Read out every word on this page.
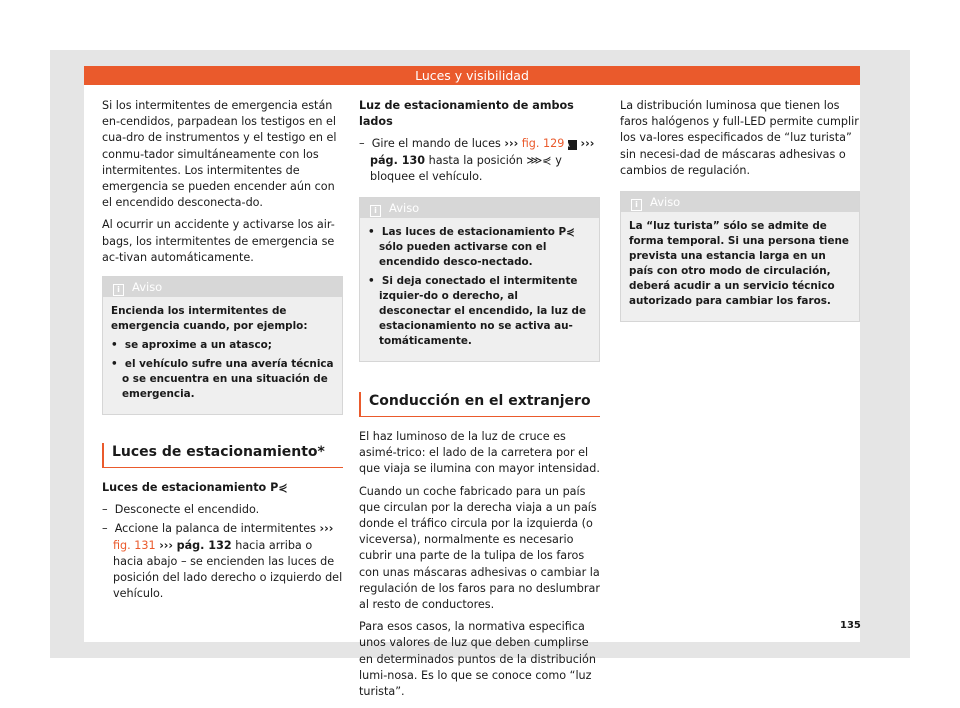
Luces y visibilidad

Si los intermitentes de emergencia están en-cendidos, parpadean los testigos en el cua-dro de instrumentos y el testigo en el conmu-tador simultáneamente con los intermitentes. Los intermitentes de emergencia se pueden encender aún con el encendido desconecta-do.

Al ocurrir un accidente y activarse los air-bags, los intermitentes de emergencia se ac-tivan automáticamente.

i Aviso

Encienda los intermitentes de emergencia cuando, por ejemplo:

• se aproxime a un atasco;

• el vehículo sufre una avería técnica o se encuentra en una situación de emergencia.

Luces de estacionamiento*

Luces de estacionamiento P⋞

– Desconecte el encendido.

– Accione la palanca de intermitentes ››› fig. 131 ››› pág. 132 hacia arriba o hacia abajo – se encienden las luces de posición del lado derecho o izquierdo del vehículo.

Luz de estacionamiento de ambos lados

– Gire el mando de luces ››› fig. 129 A ››› pág. 130 hasta la posición ⋙⋞ y bloquee el vehículo.

i Aviso

• Las luces de estacionamiento P⋞ sólo pueden activarse con el encendido desco-nectado.

• Si deja conectado el intermitente izquier-do o derecho, al desconectar el encendido, la luz de estacionamiento no se activa au-tomáticamente.

Conducción en el extranjero

El haz luminoso de la luz de cruce es asimé-trico: el lado de la carretera por el que viaja se ilumina con mayor intensidad.

Cuando un coche fabricado para un país que circulan por la derecha viaja a un país donde el tráfico circula por la izquierda (o viceversa), normalmente es necesario cubrir una parte de la tulipa de los faros con unas máscaras adhesivas o cambiar la regulación de los faros para no deslumbrar al resto de conductores.

Para esos casos, la normativa especifica unos valores de luz que deben cumplirse en determinados puntos de la distribución lumi-nosa. Es lo que se conoce como “luz turista”.

La distribución luminosa que tienen los faros halógenos y full-LED permite cumplir los va-lores especificados de “luz turista” sin necesi-dad de máscaras adhesivas o cambios de regulación.

i Aviso

La “luz turista” sólo se admite de forma temporal. Si una persona tiene prevista una estancia larga en un país con otro modo de circulación, deberá acudir a un servicio técnico autorizado para cambiar los faros.

135
